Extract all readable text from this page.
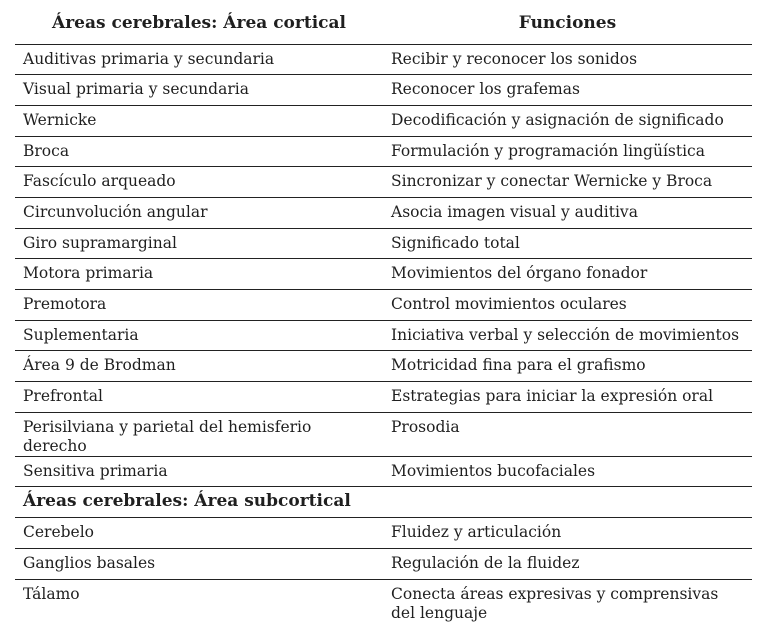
Áreas cerebrales: Área cortical	Funciones
Auditivas primaria y secundaria	Recibir y reconocer los sonidos
Visual primaria y secundaria	Reconocer los grafemas
Wernicke	Decodificación y asignación de significado
Broca	Formulación y programación lingüística
Fascículo arqueado	Sincronizar y conectar Wernicke y Broca
Circunvolución angular	Asocia imagen visual y auditiva
Giro supramarginal	Significado total
Motora primaria	Movimientos del órgano fonador
Premotora	Control movimientos oculares
Suplementaria	Iniciativa verbal y selección de movimientos
Área 9 de Brodman	Motricidad fina para el grafismo
Prefrontal	Estrategias para iniciar la expresión oral
Perisilviana y parietal del hemisferio derecho	Prosodia
Sensitiva primaria	Movimientos bucofaciales
Áreas cerebrales: Área subcortical	
Cerebelo	Fluidez y articulación
Ganglios basales	Regulación de la fluidez
Tálamo	Conecta áreas expresivas y comprensivas del lenguaje
